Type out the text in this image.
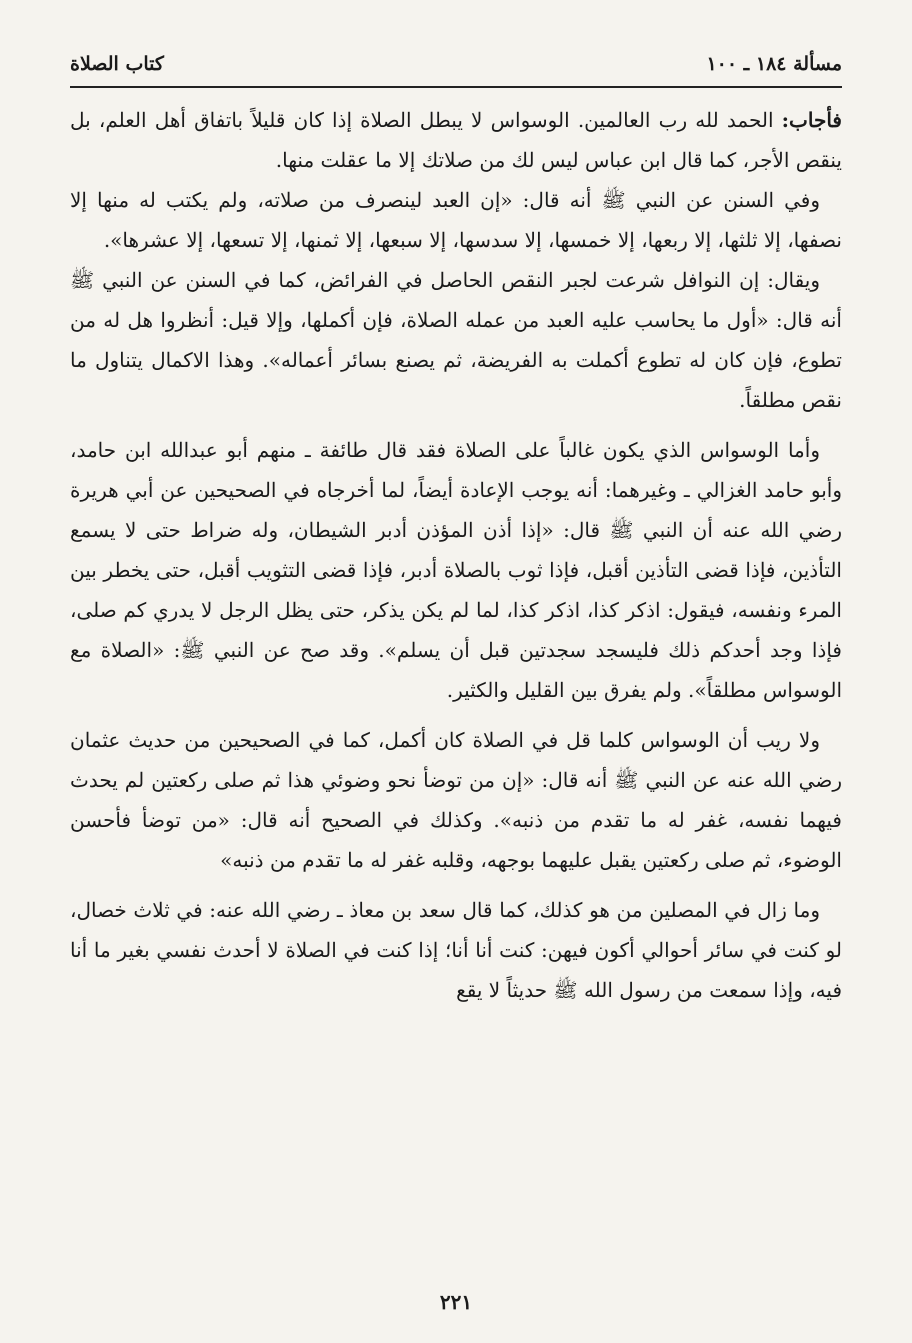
مسألة ١٨٤ ـ ١٠٠
كتاب الصلاة

فأجاب: الحمد لله رب العالمين. الوسواس لا يبطل الصلاة إذا كان قليلاً باتفاق أهل العلم، بل ينقص الأجر، كما قال ابن عباس ليس لك من صلاتك إلا ما عقلت منها.

وفي السنن عن النبي ﷺ أنه قال: «إن العبد لينصرف من صلاته، ولم يكتب له منها إلا نصفها، إلا ثلثها، إلا ربعها، إلا خمسها، إلا سدسها، إلا سبعها، إلا ثمنها، إلا تسعها، إلا عشرها».

ويقال: إن النوافل شرعت لجبر النقص الحاصل في الفرائض، كما في السنن عن النبي ﷺ أنه قال: «أول ما يحاسب عليه العبد من عمله الصلاة، فإن أكملها، وإلا قيل: أنظروا هل له من تطوع، فإن كان له تطوع أكملت به الفريضة، ثم يصنع بسائر أعماله». وهذا الاكمال يتناول ما نقص مطلقاً.

وأما الوسواس الذي يكون غالباً على الصلاة فقد قال طائفة ـ منهم أبو عبدالله ابن حامد، وأبو حامد الغزالي ـ وغيرهما: أنه يوجب الإعادة أيضاً، لما أخرجاه في الصحيحين عن أبي هريرة رضي الله عنه أن النبي ﷺ قال: «إذا أذن المؤذن أدبر الشيطان، وله ضراط حتى لا يسمع التأذين، فإذا قضى التأذين أقبل، فإذا ثوب بالصلاة أدبر، فإذا قضى التثويب أقبل، حتى يخطر بين المرء ونفسه، فيقول: اذكر كذا، اذكر كذا، لما لم يكن يذكر، حتى يظل الرجل لا يدري كم صلى، فإذا وجد أحدكم ذلك فليسجد سجدتين قبل أن يسلم». وقد صح عن النبي ﷺ: «الصلاة مع الوسواس مطلقاً». ولم يفرق بين القليل والكثير.

ولا ريب أن الوسواس كلما قل في الصلاة كان أكمل، كما في الصحيحين من حديث عثمان رضي الله عنه عن النبي ﷺ أنه قال: «إن من توضأ نحو وضوئي هذا ثم صلى ركعتين لم يحدث فيهما نفسه، غفر له ما تقدم من ذنبه». وكذلك في الصحيح أنه قال: «من توضأ فأحسن الوضوء، ثم صلى ركعتين يقبل عليهما بوجهه، وقلبه غفر له ما تقدم من ذنبه»

وما زال في المصلين من هو كذلك، كما قال سعد بن معاذ ـ رضي الله عنه: في ثلاث خصال، لو كنت في سائر أحوالي أكون فيهن: كنت أنا أنا؛ إذا كنت في الصلاة لا أحدث نفسي بغير ما أنا فيه، وإذا سمعت من رسول الله ﷺ حديثاً لا يقع

٢٢١
